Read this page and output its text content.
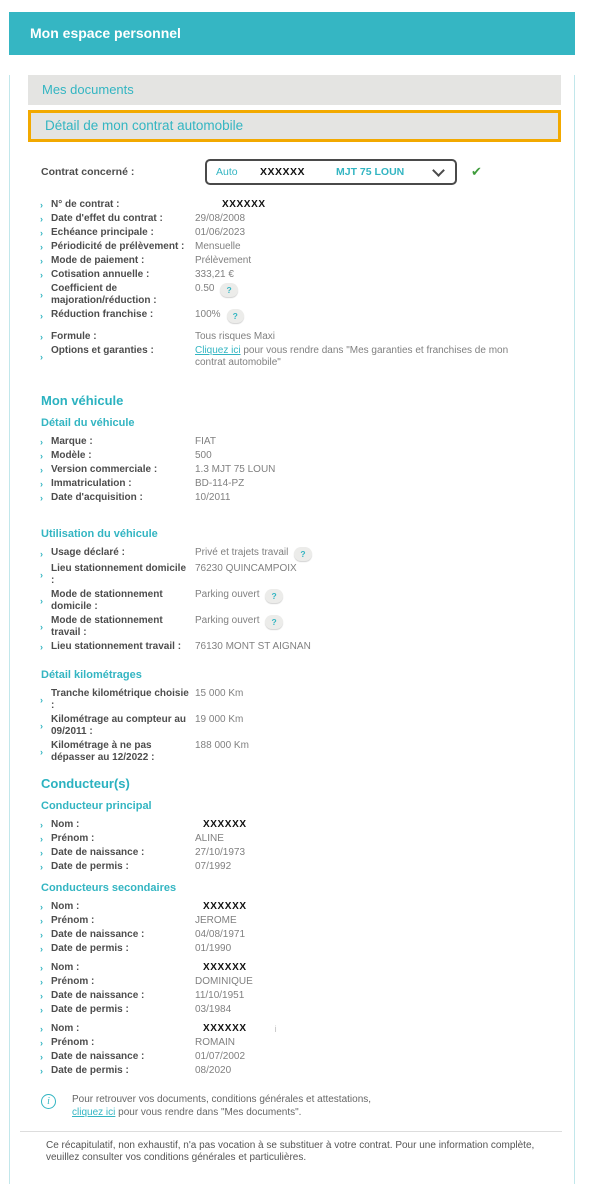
Mon espace personnel
Mes documents
Détail de mon contrat automobile
Contrat concerné :	Auto	XXXXXX	MJT 75 LOUN	✔
›
N° de contrat :	XXXXXX
›
Date d'effet du contrat :	29/08/2008
›
Echéance principale :	01/06/2023
›
Périodicité de prélèvement :	Mensuelle
›
Mode de paiement :	Prélèvement
›
Cotisation annuelle :	333,21 €
›
Coefficient de majoration/réduction :
0.50	?
›
Réduction franchise :	100%	?
›
Formule :	Tous risques Maxi
›
Options et garanties :	Cliquez ici pour vous rendre dans "Mes garanties et franchises de mon contrat automobile"
Mon véhicule
Détail du véhicule
›
Marque :	FIAT
›
Modèle :	500
›
Version commerciale :	1.3 MJT 75 LOUN
›
Immatriculation :	BD-114-PZ
›
Date d'acquisition :	10/2011
Utilisation du véhicule
›
Usage déclaré :	Privé et trajets travail	?
›
Lieu stationnement domicile :
76230 QUINCAMPOIX
›
Mode de stationnement domicile :
Parking ouvert	?
›
Mode de stationnement travail :
Parking ouvert	?
›
Lieu stationnement travail :	76130 MONT ST AIGNAN
Détail kilométrages
›
Tranche kilométrique choisie :
15 000 Km
›
Kilométrage au compteur au 09/2011 :
19 000 Km
›
Kilométrage à ne pas dépasser au 12/2022 :
188 000 Km
Conducteur(s)
Conducteur principal
›
Nom :	XXXXXX
›
Prénom :	ALINE
›
Date de naissance :	27/10/1973
›
Date de permis :	07/1992
Conducteurs secondaires
›
Nom :	XXXXXX
›
Prénom :	JEROME
›
Date de naissance :	04/08/1971
›
Date de permis :	01/1990
›
Nom :	XXXXXX
›
Prénom :	DOMINIQUE
›
Date de naissance :	11/10/1951
›
Date de permis :	03/1984
›
Nom :	XXXXXX	i
›
Prénom :	ROMAIN
›
Date de naissance :	01/07/2002
›
Date de permis :	08/2020
i	Pour retrouver vos documents, conditions générales et attestations,
cliquez ici pour vous rendre dans "Mes documents".
Ce récapitulatif, non exhaustif, n'a pas vocation à se substituer à votre contrat. Pour une information complète, veuillez consulter vos conditions générales et particulières.
